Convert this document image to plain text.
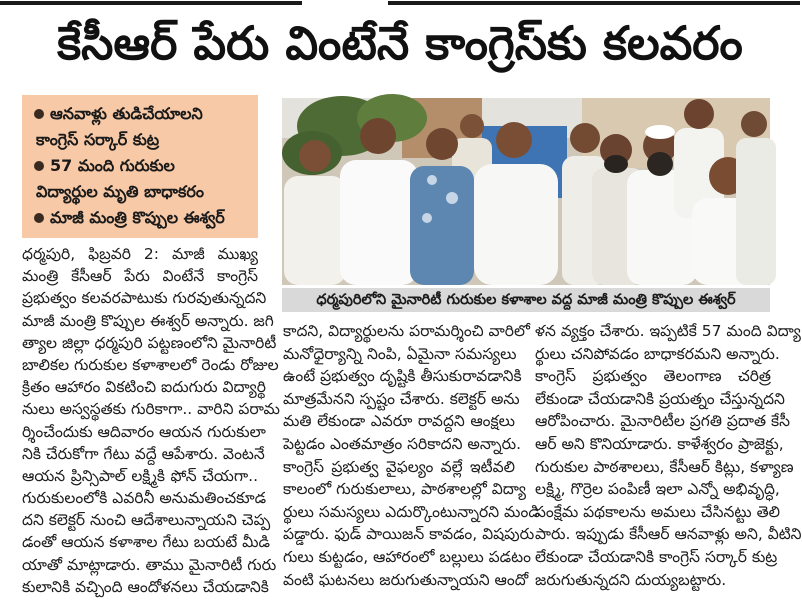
కేసీఆర్ పేరు వింటేనే కాంగ్రెస్‌కు కలవరం
ఆనవాళ్లు తుడిచేయాలని
కాంగ్రెస్ సర్కార్ కుట్ర
57 మంది గురుకుల
విద్యార్థుల మృతి బాధాకరం
మాజీ మంత్రి కొప్పుల ఈశ్వర్
ధర్మపురిలోని మైనారిటీ గురుకుల కళాశాల వద్ద మాజీ మంత్రి కొప్పుల ఈశ్వర్
ధర్మపురి, ఫిబ్రవరి 2: మాజీ ముఖ్య
మంత్రి కేసీఆర్ పేరు వింటేనే కాంగ్రెస్
ప్రభుత్వం కలవరపాటుకు గురవుతున్నదని
మాజీ మంత్రి కొప్పుల ఈశ్వర్ అన్నారు. జగి
త్యాల జిల్లా ధర్మపురి పట్టణంలోని మైనారిటీ
బాలికల గురుకుల కళాశాలలో రెండు రోజుల
క్రితం ఆహారం వికటించి ఐదుగురు విద్యార్థి
నులు అస్వస్థతకు గురికాగా.. వారిని పరామ
ర్శించేందుకు ఆదివారం ఆయన గురుకులా
నికి చేరుకోగా గేటు వద్దే ఆపేశారు. వెంటనే
ఆయన ప్రిన్సిపాల్ లక్ష్మికి ఫోన్ చేయగా..
గురుకులంలోకి ఎవరినీ అనుమతించకూడ
దని కలెక్టర్ నుంచి ఆదేశాలున్నాయని చెప్ప
డంతో ఆయన కళాశాల గేటు బయటే మీడి
యాతో మాట్లాడారు. తాము మైనారిటీ గురు
కులానికి వచ్చింది ఆందోళనలు చేయడానికి
కాదని, విద్యార్థులను పరామర్శించి వారిలో
మనోధైర్యాన్ని నింపి, ఏమైనా సమస్యలు
ఉంటే ప్రభుత్వం దృష్టికి తీసుకురావడానికి
మాత్రమేనని స్పష్టం చేశారు. కలెక్టర్ అను
మతి లేకుండా ఎవరూ రావద్దని ఆంక్షలు
పెట్టడం ఎంతమాత్రం సరికాదని అన్నారు.
కాంగ్రెస్ ప్రభుత్వ వైఫల్యం వల్లే ఇటీవలి
కాలంలో గురుకులాలు, పాఠశాలల్లో విద్యా
ర్థులు సమస్యలు ఎదుర్కొంటున్నారని మండి
పడ్డారు. ఫుడ్ పాయిజన్ కావడం, విషపురు
గులు కుట్టడం, ఆహారంలో బల్లులు పడటం
వంటి ఘటనలు జరుగుతున్నాయని ఆందో
ళన వ్యక్తం చేశారు. ఇప్పటికే 57 మంది విద్యా
ర్థులు చనిపోవడం బాధాకరమని అన్నారు.
కాంగ్రెస్ ప్రభుత్వం తెలంగాణ చరిత్ర
లేకుండా చేయడానికి ప్రయత్నం చేస్తున్నదని
ఆరోపించారు. మైనారిటీల ప్రగతి ప్రదాత కేసీ
ఆర్ అని కొనియాడారు. కాళేశ్వరం ప్రాజెక్టు,
గురుకుల పాఠశాలలు, కేసీఆర్ కిట్లు, కళ్యాణ
లక్ష్మి, గొర్రెల పంపిణీ ఇలా ఎన్నో అభివృద్ధి,
సంక్షేమ పథకాలను అమలు చేసినట్టు తెలి
పారు. ఇప్పుడు కేసీఆర్ ఆనవాళ్లు అని, వీటిని
లేకుండా చేయడానికి కాంగ్రెస్ సర్కార్ కుట్ర
జరుగుతున్నదని దుయ్యబట్టారు.
